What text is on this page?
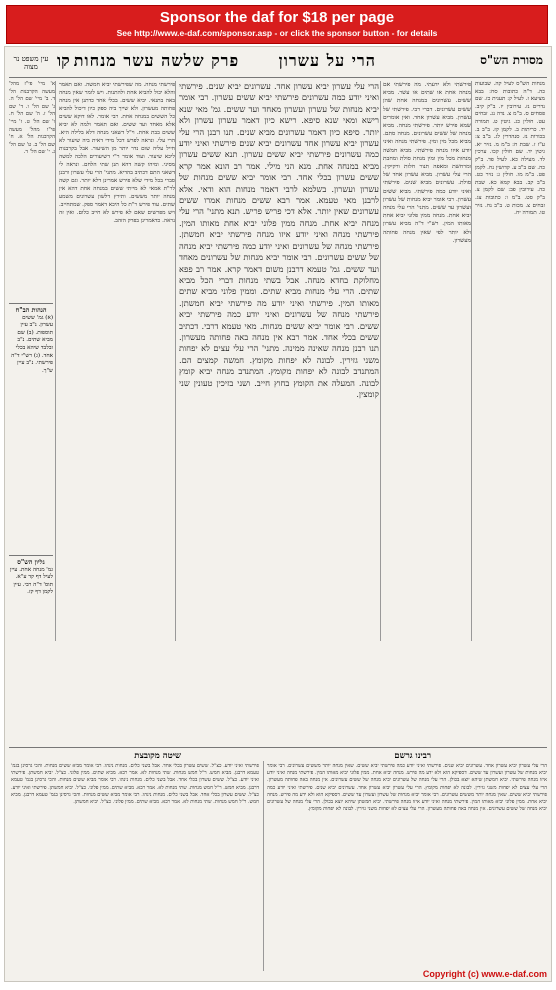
Sponsor the daf for $18 per page
See http://www.e-daf.com/sponsor.asp - or click the sponsor button - for details
מסורת הש"ס
הרי על עשרון      פרק שלשה עשר מנחות
קו
עין משפט נר מצוה

מנחות הש"ס לעיל קה. שבועות כה. ד"ה כתובות סח: בבא מציעא ז. לעיל ק: תענית כז. שם נדרים נז. עירובין יז. ב"ק קיב. פסחים ס. ב"מ צ. נדה נג. זבחים עט. חולין כג. גיטין ט. תמורה יד. כריתות ב. לקמן קז. ב"ב ב. בכורות נז. סנהדרין לג. ב"ב צ: ע"ז ז. שבת ח: ב"מ מ. נזיר יא. גיטין יד. שם חולין קכו. ערכין לד. מעילה כא. לעיל פד. ב"ק כה. שם ב"ב ע. קדושין נח. לקמן פט. ב"מ מו. חולין ג: נזיר כט. ב"ב קב. בבא קמא כא. שבת כה. עירובין פב: שם לקמן צ. ב"ק סט. ב"מ ו: כתובות צג. זבחים צ. מכות ט. ב"ב נח. נזיר טו. תמורה יח.

פירשתי ולא ידעתי. מה פירשתי אם מנחה אחת או שתים או עשר. מביא ששים. עשרונים במנחה אחת שהן ששים עשרונים. דברי רבי. פירשתי של עשרון. מביא עשרון אחד. ואין אומרים שמא פירש יותר. פירשתי מנחה. מביא מנחה של ששים עשרונים. מנחה סתם. מביא מכל מין ומין. פירשתי מנחה ואיני יודע איזו מנחה פירשתי. מביא חמשה מנחות מכל מין ומין מנחת סולת ומחבת ומרחשת ומאפה תנור חלות ורקיקין. הרי עלי עשרון. מביא עשרון אחד של סולת. עשרונים מביא שנים. פירשתי ואיני יודע כמה פירשתי. מביא ששים עשרון. רבי אומר יביא מנחות של עשרון ועשרון עד ששים. מתני' הרי עלי מנחה יביא אחת. מנחה ממין פלוני יביא אחת מאותו המין. רש"י ד"ה מביא עשרון ולא יותר לפי שאין מנחה פחותה מעשרון.

הרי עלי עשרון יביא עשרון אחד. עשרונים יביא שנים. פירשתי ואיני יודע כמה עשרונים פירשתי יביא ששים עשרון. רבי אומר יביא מנחות של עשרון ועשרון מאחד ועד ששים. גמ' מאי שנא רישא ומאי שנא סיפא. רישא כיון דאמר עשרון עשרון ולא יותר. סיפא כיון דאמר עשרונים מביא שנים. תנו רבנן הרי עלי עשרון יביא עשרון אחד עשרונים יביא שנים פירשתי ואיני יודע כמה עשרונים פירשתי יביא ששים עשרון. תנא ששים עשרון מביא במנחה אחת. מנא הני מילי. אמר רב הונא אמר קרא ששים עשרון בכלי אחד. רבי אומר יביא ששים מנחות של עשרון ועשרון. בשלמא לרבי דאמר מנחות הוא ודאי. אלא לרבנן מאי טעמא. אמר רבא ששים מנחות אמרו ששים עשרונים שאין יותר. אלא דכי פריש פריש. תנא מתני' הרי עלי מנחה יביא אחת. מנחה ממין פלוני יביא אחת מאותו המין. פירשתי מנחה ואיני יודע איזו מנחה פירשתי יביא חמשתן. פירשתי מנחה של עשרונים ואיני יודע כמה פירשתי יביא מנחה של ששים עשרונים. רבי אומר יביא מנחות של עשרונים מאחד ועד ששים. גמ' טעמא דרבנן משום דאמר קרא. אמר רב פפא מחלוקת בחדא מנחה. אבל בשתי מנחות דברי הכל מביא שתים. הרי עלי מנחות מביא שתים. וממין פלוני מביא שתים מאותו המין. פירשתי ואיני יודע מה פירשתי יביא חמשתן. פירשתי מנחה של עשרונים ואיני יודע כמה פירשתי יביא ששים. רבי אומר יביא ששים מנחות. מאי טעמא דרבי. דכתיב ששים בכלי אחד. אמר רבא אין מנחה באה פחותה מעשרון. תנו רבנן מנחה שאינה ממינה. מתני' הרי עלי עצים לא יפחות משני גזירין. לבונה לא יפחות מקומץ. חמשה קמצים הם. המתנדב לבונה לא יפחות מקומץ. המתנדב מנחה יביא קומץ לבונה. המעלה את הקומץ בחוץ חייב. ושני בזיכין טעונין שני קומצין.

פירשתי מנחה. מה שפירשתי יביא חמשה. ואם תאמר והלא יכול להביא אחת ולהתנות. ויש לומר שאין מנחה באה בתנאי. יביא ששים. בכלי אחד כדתנן אין מנחה פחותה מעשרון. ולא שייך ביה ספק כיון דיכול להביא כל הששים במנחה אחת. רבי אומר. לאו דוקא ששים אלא מאחד ועד ששים. ואם תאמר ולמה לא יביא ששים בבת אחת. וי"ל דשאני מנחה דלא בלילה היא. הרי עלי. ונראה לפרש דכל מידי דאית ביה שיעור לא חייל עליה שום נדר יותר מן השיעור. אבל בקרבנות ליכא שיעור. ועוד אומר ר"י דשיעורים הלכה למשה מסיני. ומיהו קשה דהא תנן שתי הלחם. ונראה לי דשאני התם דכתיב בהדיא. מתני' הרי עלי עשרון ורבנן סברי בכל מידי שלא פירש אמרינן דלא יותר. וגם קשה לר"ת אמאי לא מייתי ששים במנחה אחת דהא אין מנחה יותר מששים. ותירץ דלשון עשרונים משמע שתים. עוד פירש ר"ת כל היכא דאמר ספק. שמתחייב. ויש מפרשים שאם לא פירש לא חייב כלום. ואין זה נראה. כדאמרינן בפרק הזהב.

א' מיי' פי"ז מהל' מעשה הקרבנות הל' ד. ב' מיי' שם הל' ה. ג' שם הל' ו. ד' שם הל' ז. ה' שם הל' ח. ו' שם הל' ט. ז' מיי' פי"ו מהל' מעשה הקרבנות הל' א. ח' שם הל' ב. ט' שם הל' ג. י' שם הל' ד.

הגהות הב"ח
(א) גמ' ששים עשרון. נ"ב עיין תוספות. (ב) שם מביא שתים. נ"ב ובלבד שיהא בכלי אחד. (ג) רש"י ד"ה פירשתי. נ"ב עיין ש"ך.
גליון הש"ס
גמ' מנחה אחת. עיין לעיל דף קד ע"א. תוס' ד"ה רבי. עיין לקמן דף קז.
רבינו גרשם
שיטה מקובצת
הרי עלי עשרון יביא עשרון אחד. עשרונים יביא שנים. פירשתי ואיני יודע כמה פירשתי יביא ששים. שאין מנחה יותר מששים עשרונים. רבי אומר יביא מנחות של עשרון ועשרון עד ששים. דספיקא הוא ולא ידע מה פירש. מנחה יביא אחת. ממין פלוני יביא מאותו המין. פירשתי מנחה ואיני יודע איזו מנחה פירשתי. יביא חמשתן שיהא יוצא בכולן. הרי עלי מנחה של עשרונים יביא מנחה של ששים עשרונים. אין מנחה באה פחותה מעשרון. הרי עלי עצים לא יפחות משני גזירין. לבונה לא יפחות מקומץ. הרי עלי עשרון יביא עשרון אחד. עשרונים יביא שנים. פירשתי ואיני יודע כמה פירשתי יביא ששים. שאין מנחה יותר מששים עשרונים. רבי אומר יביא מנחות של עשרון ועשרון עד ששים. דספיקא הוא ולא ידע מה פירש. מנחה יביא אחת. ממין פלוני יביא מאותו המין. פירשתי מנחה ואיני יודע איזו מנחה פירשתי. יביא חמשתן שיהא יוצא בכולן. הרי עלי מנחה של עשרונים יביא מנחה של ששים עשרונים. אין מנחה באה פחותה מעשרון. הרי עלי עצים לא יפחות משני גזירין. לבונה לא יפחות מקומץ.
פירשתי ואיני יודע. כצ"ל. ששים עשרון בכלי אחד. אבל בשני כלים. מנחות נינהו. רבי אומר מביא ששים מנחות. והכי גרסינן בגמ' טעמא דרבנן. מביא חמש. ר"ל חמש מנחות. שתי מנחות לא. אמר רבא. מביא שתים. ממין פלוני. כצ"ל. יביא חמשתן. פירשתי ואיני יודע. כצ"ל. ששים עשרון בכלי אחד. אבל בשני כלים. מנחות נינהו. רבי אומר מביא ששים מנחות. והכי גרסינן בגמ' טעמא דרבנן. מביא חמש. ר"ל חמש מנחות. שתי מנחות לא. אמר רבא. מביא שתים. ממין פלוני. כצ"ל. יביא חמשתן. פירשתי ואיני יודע. כצ"ל. ששים עשרון בכלי אחד. אבל בשני כלים. מנחות נינהו. רבי אומר מביא ששים מנחות. והכי גרסינן בגמ' טעמא דרבנן. מביא חמש. ר"ל חמש מנחות. שתי מנחות לא. אמר רבא. מביא שתים. ממין פלוני. כצ"ל. יביא חמשתן.
Copyright (c) www.e-daf.com
